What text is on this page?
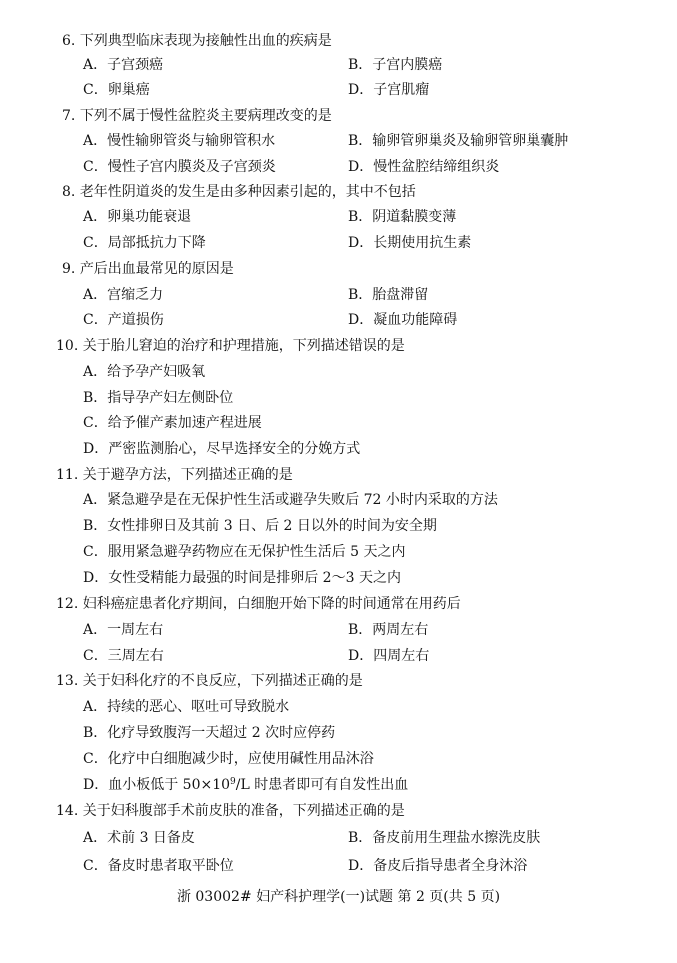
6. 下列典型临床表现为接触性出血的疾病是
A．子宫颈癌	B．子宫内膜癌
C．卵巢癌	D．子宫肌瘤
7. 下列不属于慢性盆腔炎主要病理改变的是
A．慢性输卵管炎与输卵管积水	B．输卵管卵巢炎及输卵管卵巢囊肿
C．慢性子宫内膜炎及子宫颈炎	D．慢性盆腔结缔组织炎
8. 老年性阴道炎的发生是由多种因素引起的，其中不包括
A．卵巢功能衰退	B．阴道黏膜变薄
C．局部抵抗力下降	D．长期使用抗生素
9. 产后出血最常见的原因是
A．宫缩乏力	B．胎盘滞留
C．产道损伤	D．凝血功能障碍
10. 关于胎儿窘迫的治疗和护理措施，下列描述错误的是
A．给予孕产妇吸氧
B．指导孕产妇左侧卧位
C．给予催产素加速产程进展
D．严密监测胎心，尽早选择安全的分娩方式
11. 关于避孕方法，下列描述正确的是
A．紧急避孕是在无保护性生活或避孕失败后 72 小时内采取的方法
B．女性排卵日及其前 3 日、后 2 日以外的时间为安全期
C．服用紧急避孕药物应在无保护性生活后 5 天之内
D．女性受精能力最强的时间是排卵后 2～3 天之内
12. 妇科癌症患者化疗期间，白细胞开始下降的时间通常在用药后
A．一周左右	B．两周左右
C．三周左右	D．四周左右
13. 关于妇科化疗的不良反应，下列描述正确的是
A．持续的恶心、呕吐可导致脱水
B．化疗导致腹泻一天超过 2 次时应停药
C．化疗中白细胞减少时，应使用碱性用品沐浴
D．血小板低于 $50\times 10^9/L$ 时患者即可有自发性出血
14. 关于妇科腹部手术前皮肤的准备，下列描述正确的是
A．术前 3 日备皮	B．备皮前用生理盐水擦洗皮肤
C．备皮时患者取平卧位	D．备皮后指导患者全身沐浴
浙 03002# 妇产科护理学(一)试题 第 2 页(共 5 页)
